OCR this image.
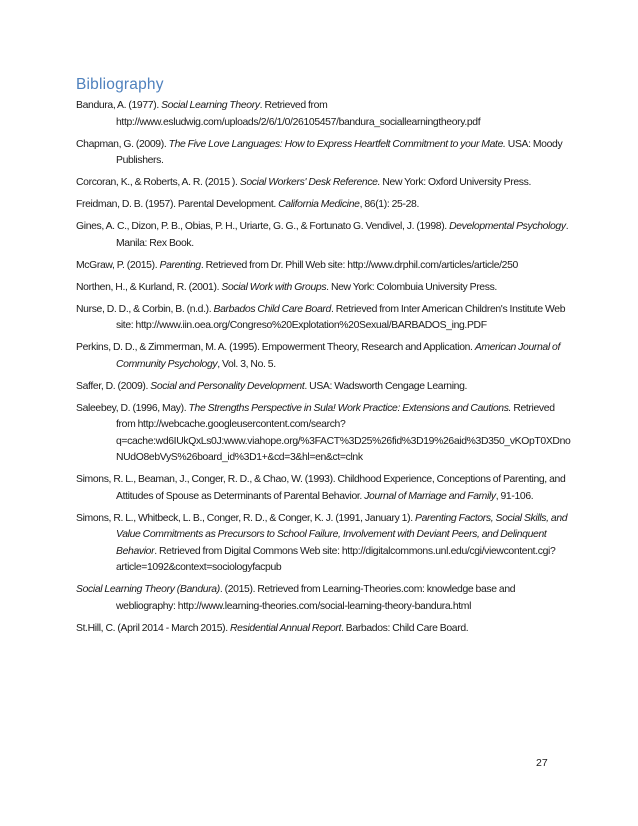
Bibliography

Bandura, A. (1977). Social Learning Theory. Retrieved from http://www.esludwig.com/uploads/2/6/1/0/26105457/bandura_sociallearningtheory.pdf

Chapman, G. (2009). The Five Love Languages: How to Express Heartfelt Commitment to your Mate. USA: Moody Publishers.

Corcoran, K., & Roberts, A. R. (2015 ). Social Workers' Desk Reference. New York: Oxford University Press.

Freidman, D. B. (1957). Parental Development. California Medicine, 86(1): 25-28.

Gines, A. C., Dizon, P. B., Obias, P. H., Uriarte, G. G., & Fortunato G. Vendivel, J. (1998). Developmental Psychology. Manila: Rex Book.

McGraw, P. (2015). Parenting. Retrieved from Dr. Phill Web site: http://www.drphil.com/articles/article/250

Northen, H., & Kurland, R. (2001). Social Work with Groups. New York: Colombuia University Press.

Nurse, D. D., & Corbin, B. (n.d.). Barbados Child Care Board. Retrieved from Inter American Children's Institute Web site: http://www.iin.oea.org/Congreso%20Explotation%20Sexual/BARBADOS_ing.PDF

Perkins, D. D., & Zimmerman, M. A. (1995). Empowerment Theory, Research and Application. American Journal of Community Psychology, Vol. 3, No. 5.

Saffer, D. (2009). Social and Personality Development. USA: Wadsworth Cengage Learning.

Saleebey, D. (1996, May). The Strengths Perspective in Sula! Work Practice: Extensions and Cautions. Retrieved from http://webcache.googleusercontent.com/search?q=cache:wd6IUkQxLs0J:www.viahope.org/%3FACT%3D25%26fid%3D19%26aid%3D350_vKOpT0XDnoNUdO8ebVyS%26board_id%3D1+&cd=3&hl=en&ct=clnk

Simons, R. L., Beaman, J., Conger, R. D., & Chao, W. (1993). Childhood Experience, Conceptions of Parenting, and Attitudes of Spouse as Determinants of Parental Behavior. Journal of Marriage and Family, 91-106.

Simons, R. L., Whitbeck, L. B., Conger, R. D., & Conger, K. J. (1991, January 1). Parenting Factors, Social Skills, and Value Commitments as Precursors to School Failure, Involvement with Deviant Peers, and Delinquent Behavior. Retrieved from Digital Commons Web site: http://digitalcommons.unl.edu/cgi/viewcontent.cgi?article=1092&context=sociologyfacpub

Social Learning Theory (Bandura). (2015). Retrieved from Learning-Theories.com: knowledge base and webliography: http://www.learning-theories.com/social-learning-theory-bandura.html

St.Hill, C. (April 2014 - March 2015). Residential Annual Report. Barbados: Child Care Board.

27
